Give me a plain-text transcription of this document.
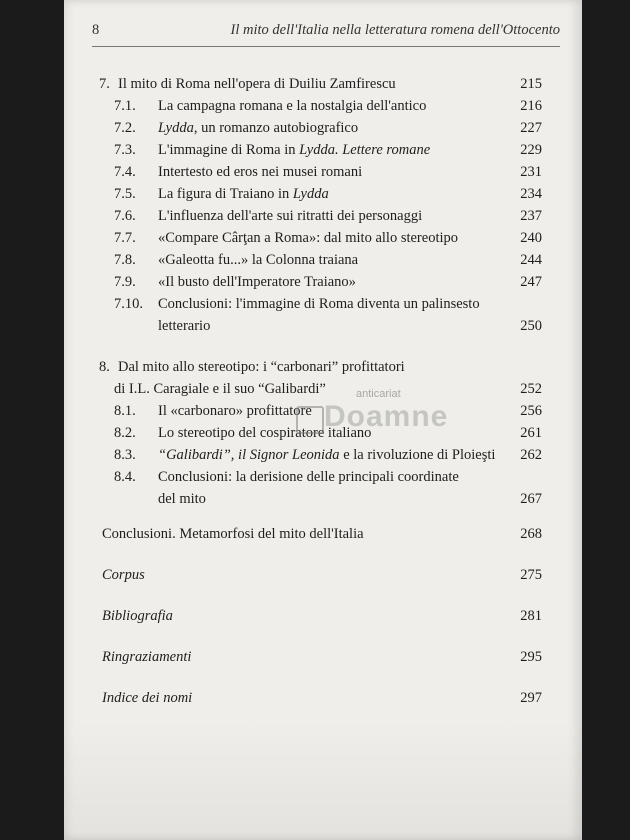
8	Il mito dell'Italia nella letteratura romena dell'Ottocento
7. Il mito di Roma nell'opera di Duiliu Zamfirescu	215
7.1. La campagna romana e la nostalgia dell'antico	216
7.2. Lydda, un romanzo autobiografico	227
7.3. L'immagine di Roma in Lydda. Lettere romane	229
7.4. Intertesto ed eros nei musei romani	231
7.5. La figura di Traiano in Lydda	234
7.6. L'influenza dell'arte sui ritratti dei personaggi	237
7.7. «Compare Cârţan a Roma»: dal mito allo stereotipo	240
7.8. «Galeotta fu...» la Colonna traiana	244
7.9. «Il busto dell'Imperatore Traiano»	247
7.10. Conclusioni: l'immagine di Roma diventa un palinsesto
letterario	250
8. Dal mito allo stereotipo: i “carbonari” profittatori
di I.L. Caragiale e il suo “Galibardi”	252
8.1. Il «carbonaro» profittatore	256
8.2. Lo stereotipo del cospiratore italiano	261
8.3. “Galibardi”, il Signor Leonida e la rivoluzione di Ploieşti 262
8.4. Conclusioni: la derisione delle principali coordinate
del mito	267
Conclusioni. Metamorfosi del mito dell'Italia	268
Corpus	275
Bibliografia	281
Ringraziamenti	295
Indice dei nomi	297
anticariat
Doamne
